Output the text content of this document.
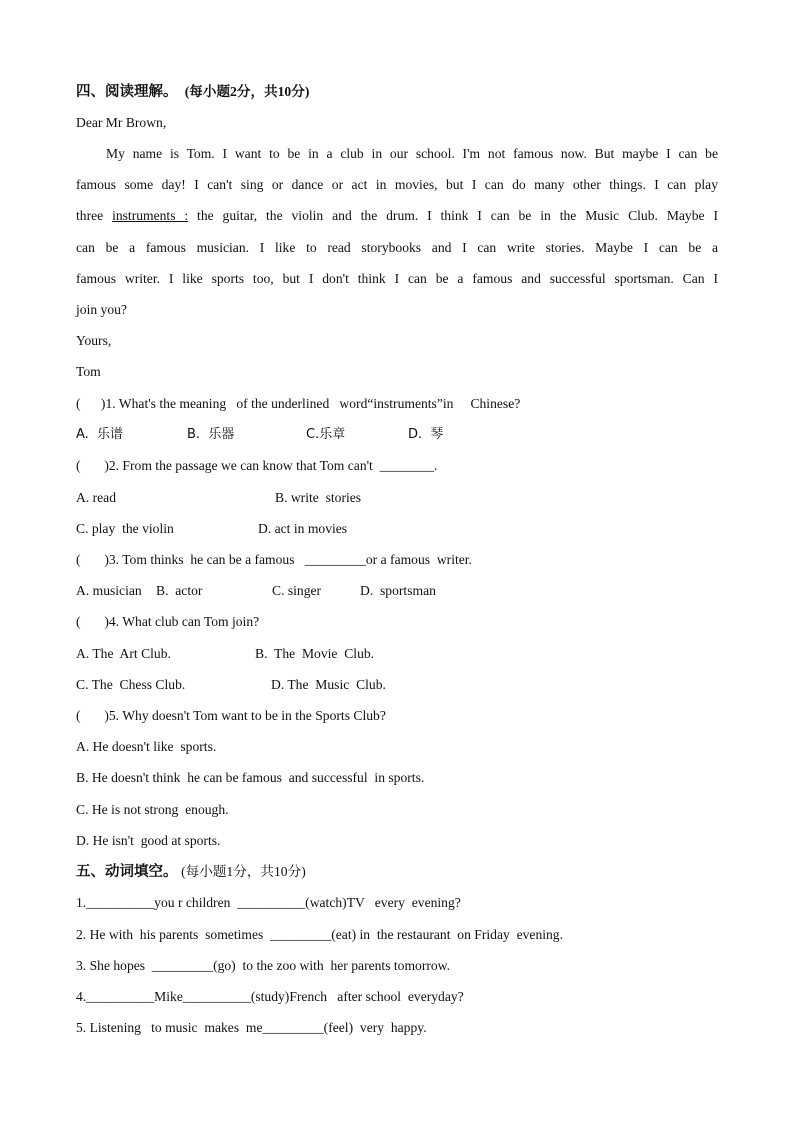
四、阅读理解。 (每小题2分，共10分)
Dear Mr Brown,
My name is Tom. I want to be in a club in our school. I'm not famous now. But maybe I can be
famous some day! I can't sing or dance or act in movies, but I can do many other things. I can play
three instruments : the guitar, the violin and the drum. I think I can be in the Music Club. Maybe I
can be a famous musician. I like to read storybooks and I can write stories. Maybe I can be a
famous writer. I like sports too, but I don't think I can be a famous and successful sportsman. Can I
join you?
Yours,
Tom
(      )1. What's the meaning   of the underlined   word“instruments”in     Chinese?
A.  乐谱	B.  乐器	C.乐章	D.  琴
(       )2. From the passage we can know that Tom can't  ________.
A. read	B. write  stories
C. play  the violin	D. act in movies
(       )3. Tom thinks  he can be a famous   _________or a famous  writer.
A. musician B.  actor	C. singer	D.  sportsman
(       )4. What club can Tom join?
A. The  Art Club.	B.  The  Movie  Club.
C. The  Chess Club.	D. The  Music  Club.
(       )5. Why doesn't Tom want to be in the Sports Club?
A. He doesn't like  sports.
B. He doesn't think  he can be famous  and successful  in sports.
C. He is not strong  enough.
D. He isn't  good at sports.
五、动词填空。 (每小题1分，共10分)
1.__________you r children  __________(watch)TV   every  evening?
2. He with  his parents  sometimes  _________(eat) in  the restaurant  on Friday  evening.
3. She hopes  _________(go)  to the zoo with  her parents tomorrow.
4.__________Mike__________(study)French   after school  everyday?
5. Listening   to music  makes  me_________(feel)  very  happy.
